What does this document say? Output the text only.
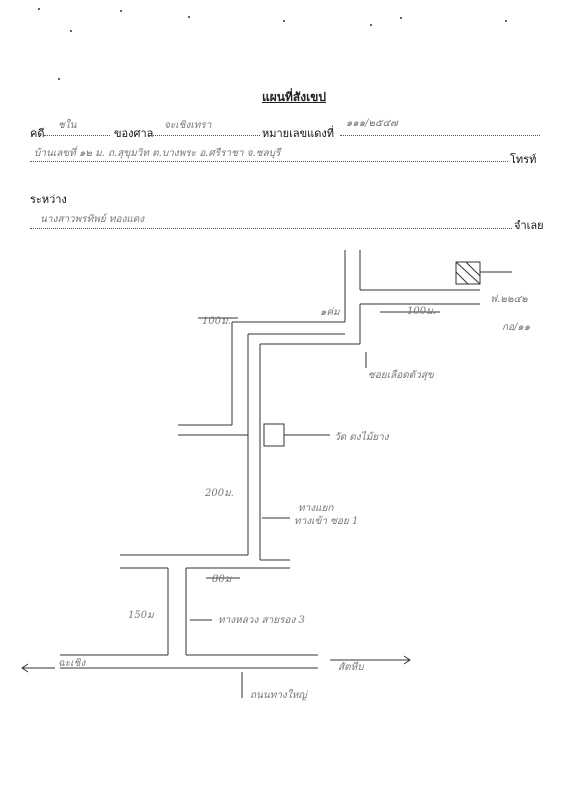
แผนที่สังเขป
คดี
ชใน
ของศาล
จะเชิงเทรา
หมายเลขแดงที่
๑๑๑/๒๕๔๗
บ้านเลขที่ ๑๒ ม. ถ.สุขุมวิท ต.บางพระ อ.ศรีราชา จ.ชลบุรี	โทรท์
ระหว่าง
นางสาวพรทิพย์ ทองแดง	จำเลย
100ม.
๑ค่ม	100ม.
ฟ.๒๒๔๒
กอ/๑๑
ซอยเลือดตัวสุข
วัด ดงไม้ยาง
200ม.
ทางแยก
ทางเข้า ซอย 1
80ม
150ม	ทางหลวง สายรอง 3
ฉะเชิง	สัตหีบ
ถนนทางใหญ่
